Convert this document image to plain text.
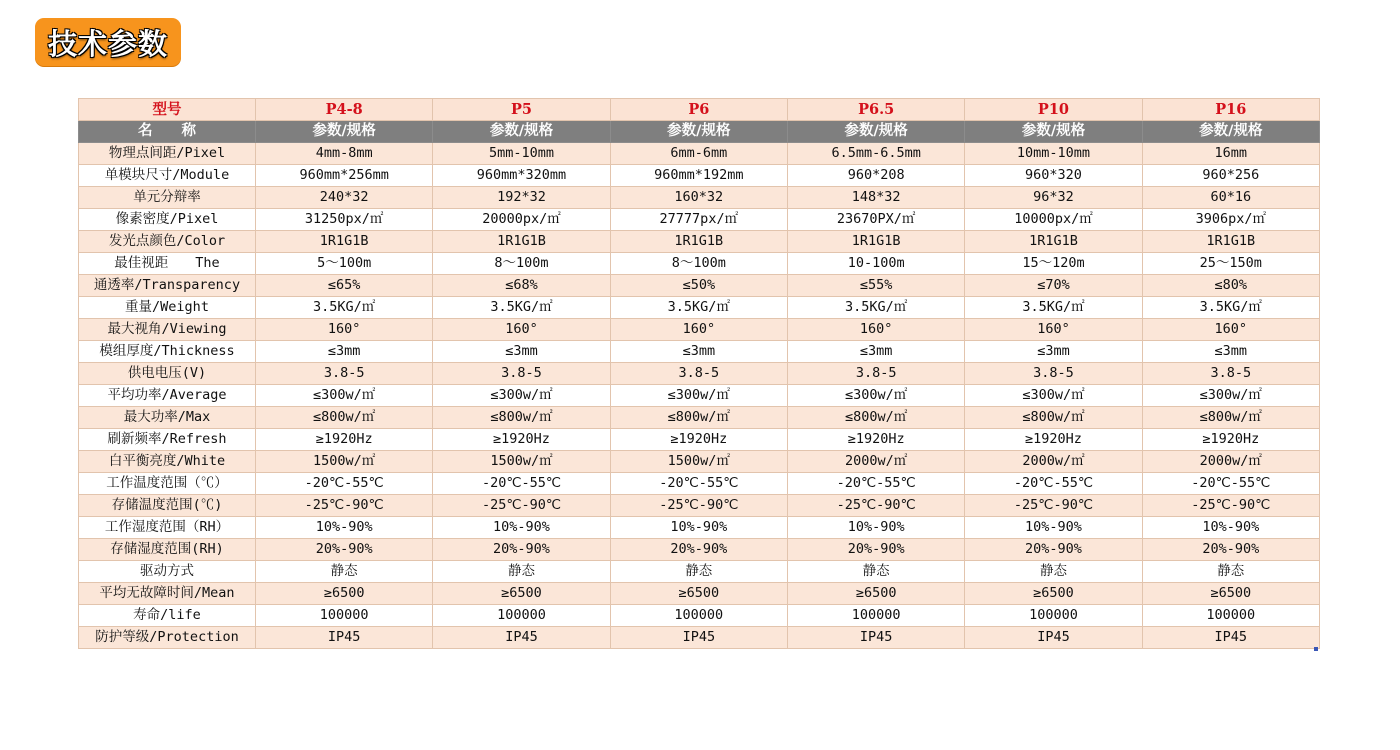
技术参数
型号	P4-8	P5	P6	P6.5	P10	P16
名　　称	参数/规格	参数/规格	参数/规格	参数/规格	参数/规格	参数/规格
物理点间距/Pixel	4mm-8mm	5mm-10mm	6mm-6mm	6.5mm-6.5mm	10mm-10mm	16mm
单模块尺寸/Module	960mm*256mm	960mm*320mm	960mm*192mm	960*208	960*320	960*256
单元分辩率	240*32	192*32	160*32	148*32	96*32	60*16
像素密度/Pixel	31250px/㎡	20000px/㎡	27777px/㎡	23670PX/㎡	10000px/㎡	3906px/㎡
发光点颜色/Color	1R1G1B	1R1G1B	1R1G1B	1R1G1B	1R1G1B	1R1G1B
最佳视距　　The	5～100m	8～100m	8～100m	10-100m	15～120m	25～150m
通透率/Transparency	≤65%	≤68%	≤50%	≤55%	≤70%	≤80%
重量/Weight	3.5KG/㎡	3.5KG/㎡	3.5KG/㎡	3.5KG/㎡	3.5KG/㎡	3.5KG/㎡
最大视角/Viewing	160°	160°	160°	160°	160°	160°
模组厚度/Thickness	≤3mm	≤3mm	≤3mm	≤3mm	≤3mm	≤3mm
供电电压(V)	3.8-5	3.8-5	3.8-5	3.8-5	3.8-5	3.8-5
平均功率/Average	≤300w/㎡	≤300w/㎡	≤300w/㎡	≤300w/㎡	≤300w/㎡	≤300w/㎡
最大功率/Max	≤800w/㎡	≤800w/㎡	≤800w/㎡	≤800w/㎡	≤800w/㎡	≤800w/㎡
刷新频率/Refresh	≥1920Hz	≥1920Hz	≥1920Hz	≥1920Hz	≥1920Hz	≥1920Hz
白平衡亮度/White	1500w/㎡	1500w/㎡	1500w/㎡	2000w/㎡	2000w/㎡	2000w/㎡
工作温度范围（℃）	-20℃-55℃	-20℃-55℃	-20℃-55℃	-20℃-55℃	-20℃-55℃	-20℃-55℃
存储温度范围(℃)	-25℃-90℃	-25℃-90℃	-25℃-90℃	-25℃-90℃	-25℃-90℃	-25℃-90℃
工作湿度范围（RH）	10%-90%	10%-90%	10%-90%	10%-90%	10%-90%	10%-90%
存储湿度范围(RH)	20%-90%	20%-90%	20%-90%	20%-90%	20%-90%	20%-90%
驱动方式	静态	静态	静态	静态	静态	静态
平均无故障时间/Mean	≥6500	≥6500	≥6500	≥6500	≥6500	≥6500
寿命/life	100000	100000	100000	100000	100000	100000
防护等级/Protection	IP45	IP45	IP45	IP45	IP45	IP45
